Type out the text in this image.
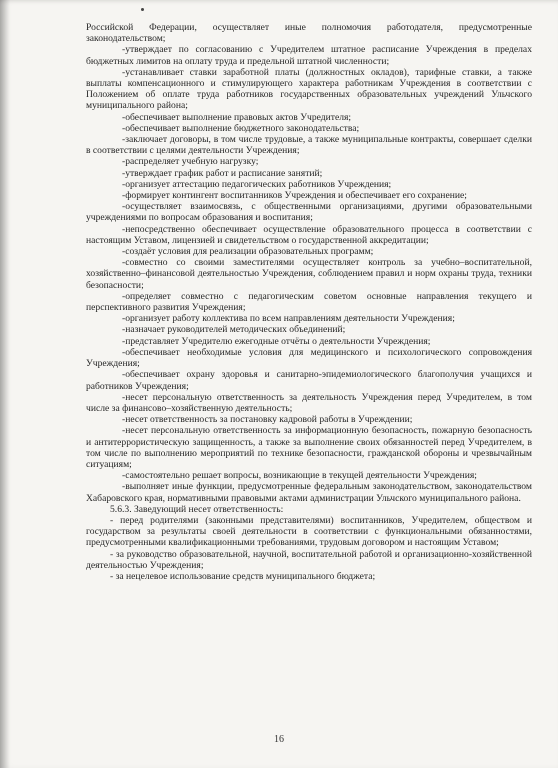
Российской Федерации, осуществляет иные полномочия работодателя, предусмотренные законодательством;

-утверждает по согласованию с Учредителем штатное расписание Учреждения в пределах бюджетных лимитов на оплату труда и предельной штатной численности;

-устанавливает ставки заработной платы (должностных окладов), тарифные ставки, а также выплаты компенсационного и стимулирующего характера работникам Учреждения в соответствии с Положением об оплате труда работников государственных образовательных учреждений Ульчского муниципального района;

-обеспечивает выполнение правовых актов Учредителя;

-обеспечивает выполнение бюджетного законодательства;

-заключает договоры, в том числе трудовые, а также муниципальные контракты, совершает сделки в соответствии с целями деятельности Учреждения;

-распределяет учебную нагрузку;

-утверждает график работ и расписание занятий;

-организует аттестацию педагогических работников Учреждения;

-формирует контингент воспитанников Учреждения и обеспечивает его сохранение;

-осуществляет взаимосвязь, с общественными организациями, другими образовательными учреждениями по вопросам образования и воспитания;

-непосредственно обеспечивает осуществление образовательного процесса в соответствии с настоящим Уставом, лицензией и свидетельством о государственной аккредитации;

-создаёт условия для реализации образовательных программ;

-совместно со своими заместителями осуществляет контроль за учебно–воспитательной, хозяйственно–финансовой деятельностью Учреждения, соблюдением правил и норм охраны труда, техники безопасности;

-определяет совместно с педагогическим советом основные направления текущего и перспективного развития Учреждения;

-организует работу коллектива по всем направлениям деятельности Учреждения;

-назначает руководителей методических объединений;

-представляет Учредителю ежегодные отчёты о деятельности Учреждения;

-обеспечивает необходимые условия для медицинского и психологического сопровождения Учреждения;

-обеспечивает охрану здоровья и санитарно-эпидемиологического благополучия учащихся и работников Учреждения;

-несет персональную ответственность за деятельность Учреждения перед Учредителем, в том числе за финансово–хозяйственную деятельность;

-несет ответственность за постановку кадровой работы в Учреждении;

-несет персональную ответственность за информационную безопасность, пожарную безопасность и антитеррористическую защищенность, а также за выполнение своих обязанностей перед Учредителем, в том числе по выполнению мероприятий по технике безопасности, гражданской обороны и чрезвычайным ситуациям;

-самостоятельно решает вопросы, возникающие в текущей деятельности Учреждения;

-выполняет иные функции, предусмотренные федеральным законодательством, законодательством Хабаровского края, нормативными правовыми актами администрации Ульчского муниципального района.

5.6.3. Заведующий несет ответственность:

- перед родителями (законными представителями) воспитанников, Учредителем, обществом и государством за результаты своей деятельности в соответствии с функциональными обязанностями, предусмотренными квалификационными требованиями, трудовым договором и настоящим Уставом;

- за руководство образовательной, научной, воспитательной работой и организационно-хозяйственной деятельностью Учреждения;

- за нецелевое использование средств муниципального бюджета;

16
